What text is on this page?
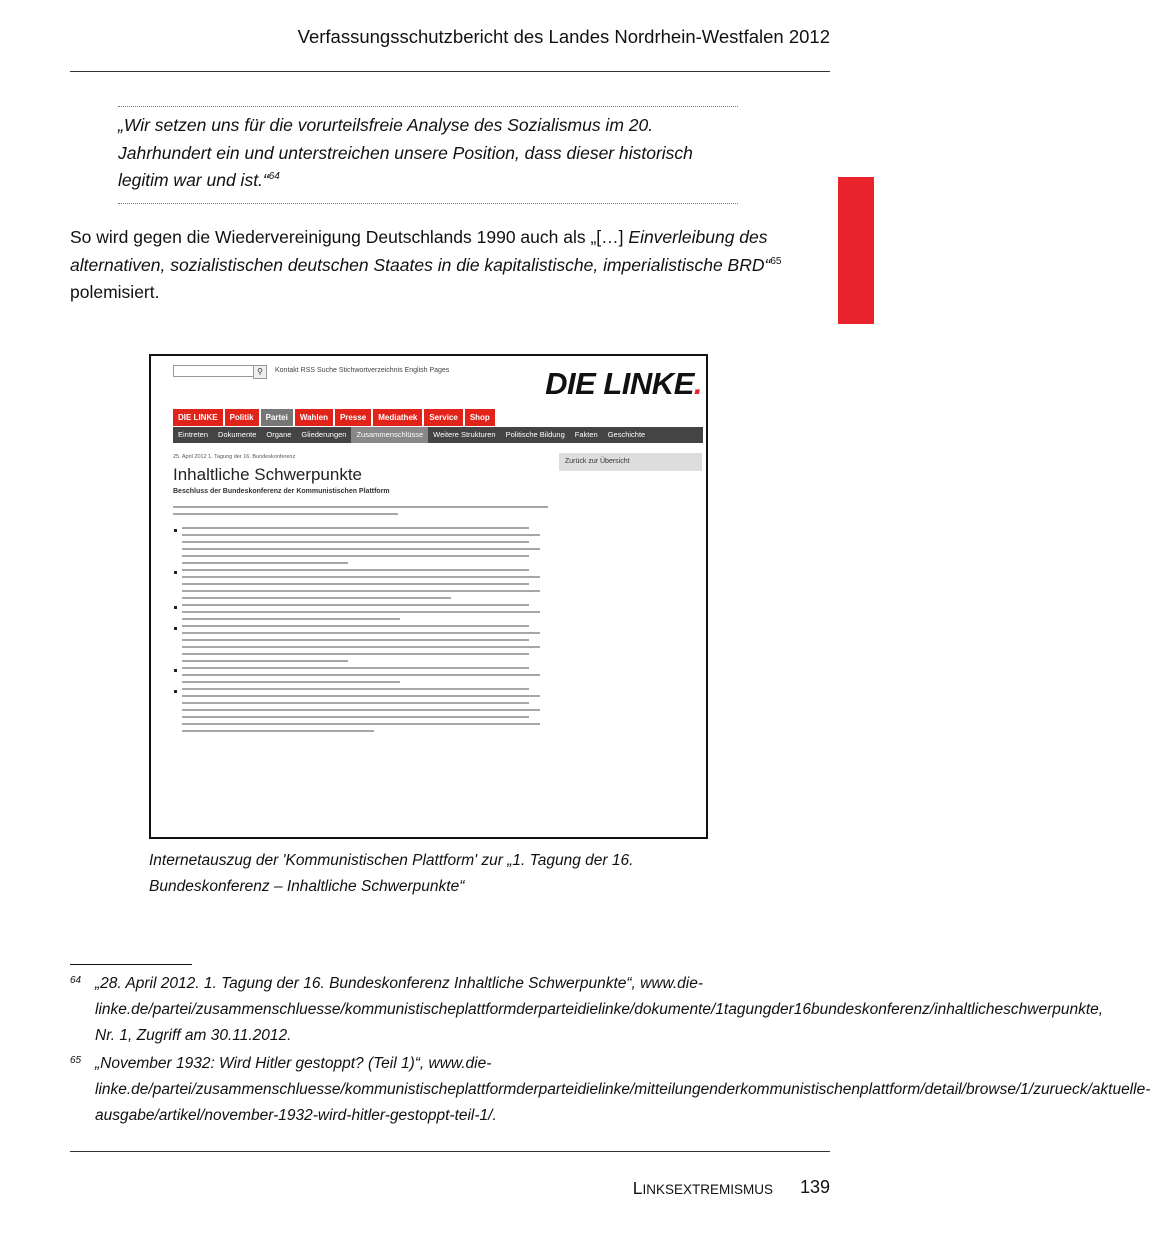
Verfassungsschutzbericht des Landes Nordrhein-Westfalen 2012
„Wir setzen uns für die vorurteilsfreie Analyse des Sozialismus im 20. Jahrhundert ein und unterstreichen unsere Position, dass dieser historisch legitim war und ist.“$^{64}$
So wird gegen die Wiedervereinigung Deutschlands 1990 auch als „[…] Einverleibung des alternativen, sozialistischen deutschen Staates in die kapitalistische, imperialistische BRD“$^{65}$ polemisiert.
⚲	Kontakt RSS Suche Stichwortverzeichnis English Pages	DIE LINKE.
DIE LINKE	Politik	Partei	Wahlen	Presse	Mediathek	Service	Shop
Eintreten	Dokumente	Organe	Gliederungen	Zusammenschlüsse	Weitere Strukturen	Politische Bildung	Fakten	Geschichte
25. April 2012 1. Tagung der 16. Bundeskonferenz
Inhaltliche Schwerpunkte
Beschluss der Bundeskonferenz der Kommunistischen Plattform
Zurück zur Übersicht
Internetauszug der 'Kommunistischen Plattform' zur „1. Tagung der 16. Bundeskonferenz – Inhaltliche Schwerpunkte“
64 „28. April 2012. 1. Tagung der 16. Bundeskonferenz Inhaltliche Schwerpunkte“, www.die-linke.de/partei/zusammenschluesse/kommunistischeplattformderparteidielinke/dokumente/1tagungder16bundeskonferenz/inhaltlicheschwerpunkte, Nr. 1, Zugriff am 30.11.2012.
65 „November 1932: Wird Hitler gestoppt? (Teil 1)“, www.die-linke.de/partei/zusammenschluesse/kommunistischeplattformderparteidielinke/mitteilungenderkommunistischenplattform/detail/browse/1/zurueck/aktuelle-ausgabe/artikel/november-1932-wird-hitler-gestoppt-teil-1/.
LINKSEXTREMISMUS 139
